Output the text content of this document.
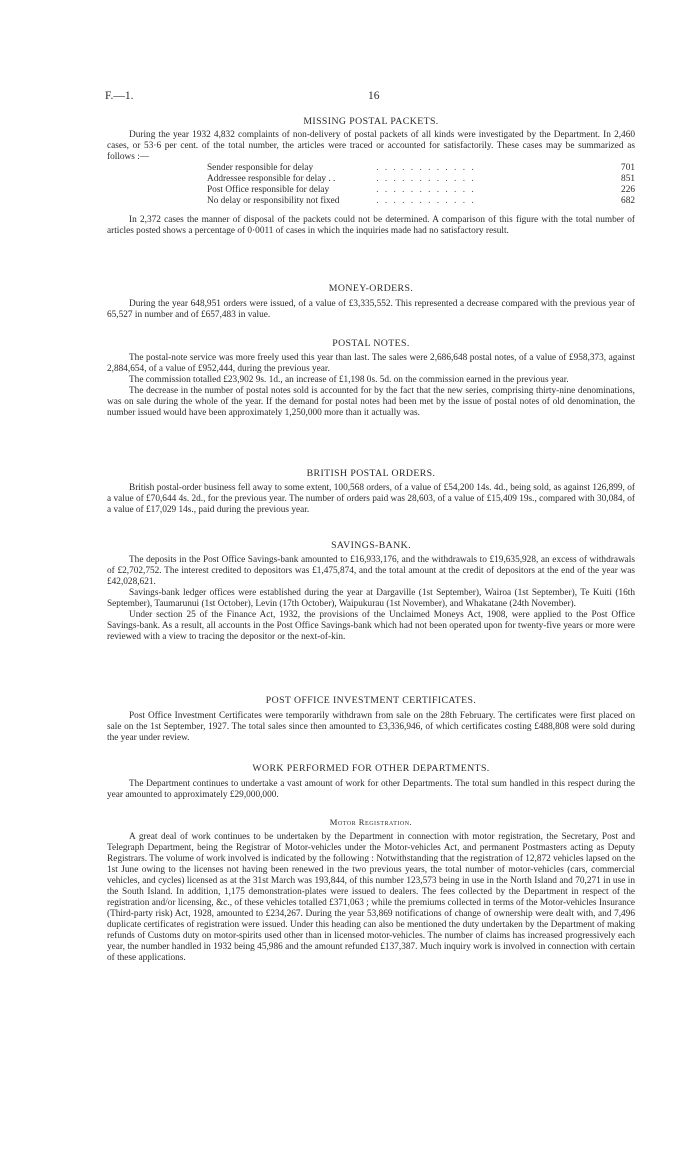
F.—1.	16
MISSING POSTAL PACKETS.

During the year 1932 4,832 complaints of non-delivery of postal packets of all kinds were investigated by the Department. In 2,460 cases, or 53·6 per cent. of the total number, the articles were traced or accounted for satisfactorily. These cases may be summarized as follows :—

Sender responsible for delay	. . . . . . . . . . . .	701
Addressee responsible for delay . .	. . . . . . . . . . . .	851
Post Office responsible for delay	. . . . . . . . . . . .	226
No delay or responsibility not fixed	. . . . . . . . . . . .	682

In 2,372 cases the manner of disposal of the packets could not be determined. A comparison of this figure with the total number of articles posted shows a percentage of 0·0011 of cases in which the inquiries made had no satisfactory result.

MONEY-ORDERS.

During the year 648,951 orders were issued, of a value of £3,335,552. This represented a decrease compared with the previous year of 65,527 in number and of £657,483 in value.

POSTAL NOTES.

The postal-note service was more freely used this year than last. The sales were 2,686,648 postal notes, of a value of £958,373, against 2,884,654, of a value of £952,444, during the previous year.

The commission totalled £23,902 9s. 1d., an increase of £1,198 0s. 5d. on the commission earned in the previous year.

The decrease in the number of postal notes sold is accounted for by the fact that the new series, comprising thirty-nine denominations, was on sale during the whole of the year. If the demand for postal notes had been met by the issue of postal notes of old denomination, the number issued would have been approximately 1,250,000 more than it actually was.

BRITISH POSTAL ORDERS.

British postal-order business fell away to some extent, 100,568 orders, of a value of £54,200 14s. 4d., being sold, as against 126,899, of a value of £70,644 4s. 2d., for the previous year. The number of orders paid was 28,603, of a value of £15,409 19s., compared with 30,084, of a value of £17,029 14s., paid during the previous year.

SAVINGS-BANK.

The deposits in the Post Office Savings-bank amounted to £16,933,176, and the withdrawals to £19,635,928, an excess of withdrawals of £2,702,752. The interest credited to depositors was £1,475,874, and the total amount at the credit of depositors at the end of the year was £42,028,621.

Savings-bank ledger offices were established during the year at Dargaville (1st September), Wairoa (1st September), Te Kuiti (16th September), Taumarunui (1st October), Levin (17th October), Waipukurau (1st November), and Whakatane (24th November).

Under section 25 of the Finance Act, 1932, the provisions of the Unclaimed Moneys Act, 1908, were applied to the Post Office Savings-bank. As a result, all accounts in the Post Office Savings-bank which had not been operated upon for twenty-five years or more were reviewed with a view to tracing the depositor or the next-of-kin.

POST OFFICE INVESTMENT CERTIFICATES.

Post Office Investment Certificates were temporarily withdrawn from sale on the 28th February. The certificates were first placed on sale on the 1st September, 1927. The total sales since then amounted to £3,336,946, of which certificates costing £488,808 were sold during the year under review.

WORK PERFORMED FOR OTHER DEPARTMENTS.

The Department continues to undertake a vast amount of work for other Departments. The total sum handled in this respect during the year amounted to approximately £29,000,000.

Motor Registration.

A great deal of work continues to be undertaken by the Department in connection with motor registration, the Secretary, Post and Telegraph Department, being the Registrar of Motor-vehicles under the Motor-vehicles Act, and permanent Postmasters acting as Deputy Registrars. The volume of work involved is indicated by the following : Notwithstanding that the registration of 12,872 vehicles lapsed on the 1st June owing to the licenses not having been renewed in the two previous years, the total number of motor-vehicles (cars, commercial vehicles, and cycles) licensed as at the 31st March was 193,844, of this number 123,573 being in use in the North Island and 70,271 in use in the South Island. In addition, 1,175 demonstration-plates were issued to dealers. The fees collected by the Department in respect of the registration and/or licensing, &c., of these vehicles totalled £371,063 ; while the premiums collected in terms of the Motor-vehicles Insurance (Third-party risk) Act, 1928, amounted to £234,267. During the year 53,869 notifications of change of ownership were dealt with, and 7,496 duplicate certificates of registration were issued. Under this heading can also be mentioned the duty undertaken by the Department of making refunds of Customs duty on motor-spirits used other than in licensed motor-vehicles. The number of claims has increased progressively each year, the number handled in 1932 being 45,986 and the amount refunded £137,387. Much inquiry work is involved in connection with certain of these applications.
